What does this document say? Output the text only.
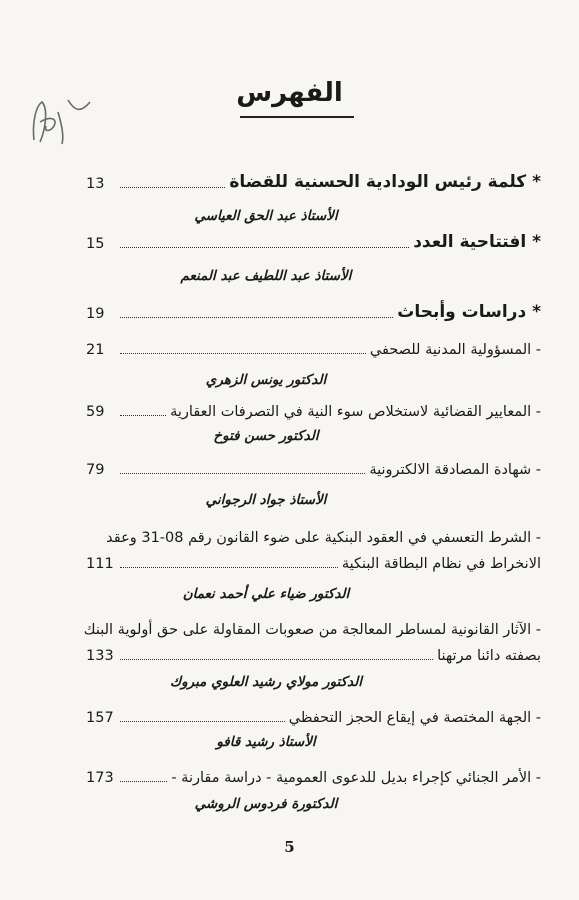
الفهرس
* كلمة رئيس الودادية الحسنية للقضاة
13
الأستاذ عبد الحق العياسي
* افتتاحية العدد
15
الأستاذ عبد اللطيف عبد المنعم
* دراسات وأبحاث
19
- المسؤولية المدنية للصحفي
21
الدكتور يونس الزهري
- المعايير القضائية لاستخلاص سوء النية في التصرفات العقارية
59
الدكتور حسن فتوخ
- شهادة المصادقة الالكترونية
79
الأستاذ جواد الرجواني
- الشرط التعسفي في العقود البنكية على ضوء القانون رقم 08-31 وعقد
الانخراط في نظام البطاقة البنكية
111
الدكتور ضياء علي أحمد نعمان
- الآثار القانونية لمساطر المعالجة من صعوبات المقاولة على حق أولوية البنك
بصفته دائنا مرتهنا
133
الدكتور مولاي رشيد العلوي مبروك
- الجهة المختصة في إيقاع الحجز التحفظي
157
الأستاذ رشيد قافو
- الأمر الجنائي كإجراء بديل للدعوى العمومية - دراسة مقارنة -
173
الدكتورة فردوس الروشي
5
